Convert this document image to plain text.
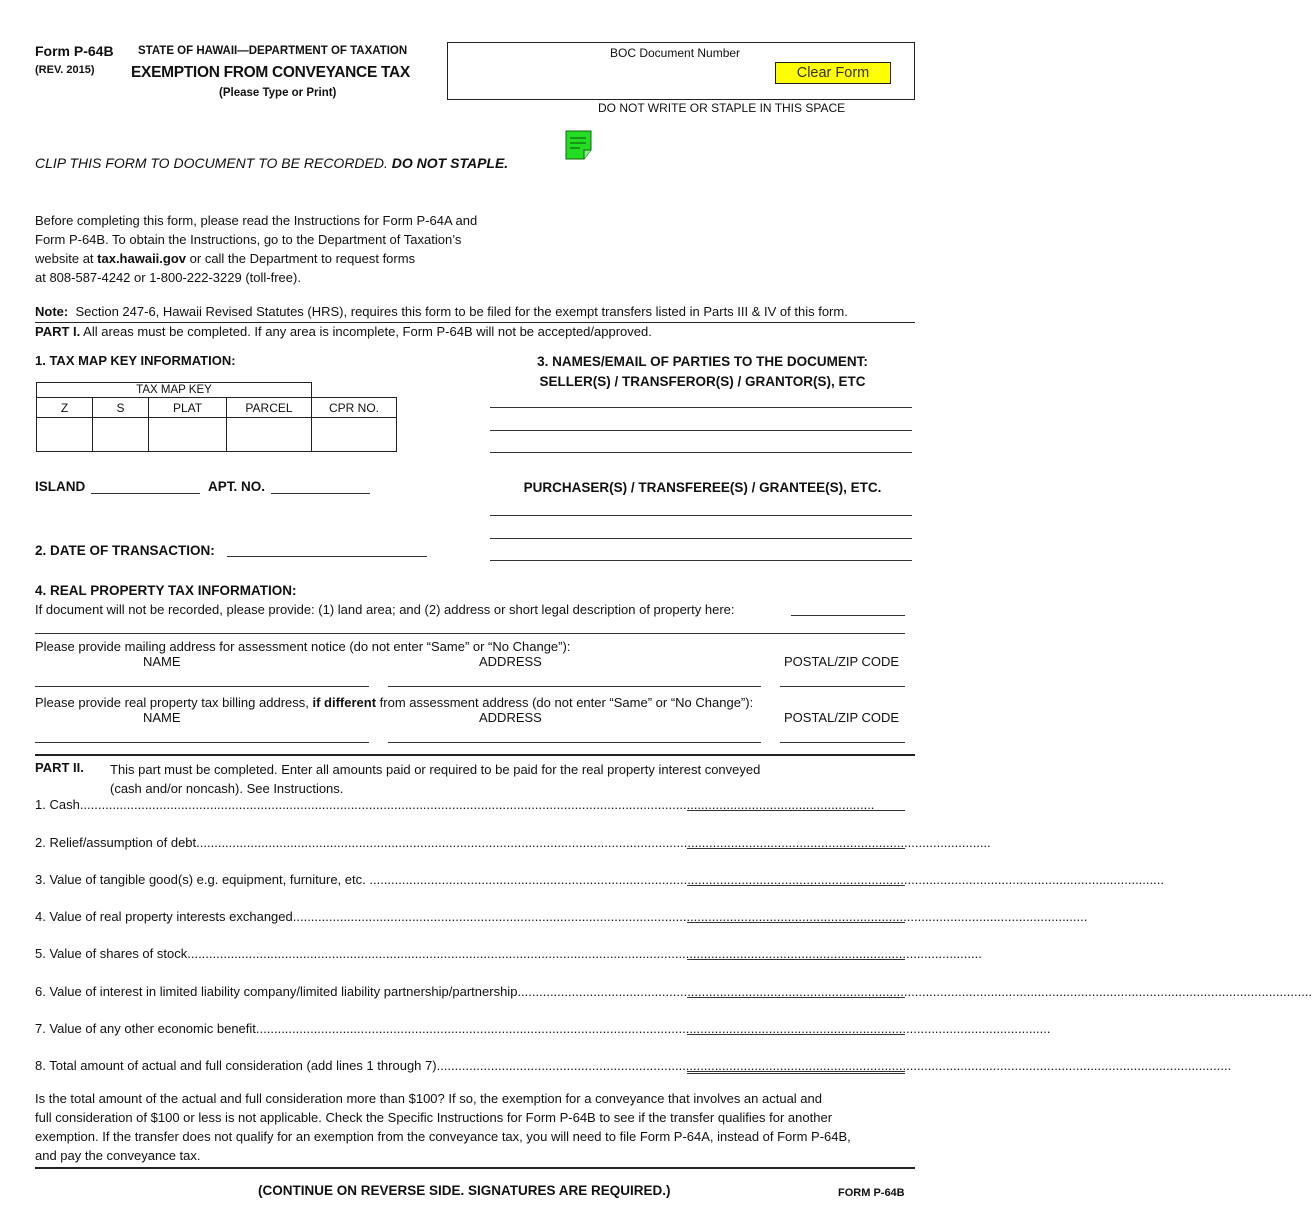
Form P-64B
(REV. 2015)
STATE OF HAWAII—DEPARTMENT OF TAXATION
EXEMPTION FROM CONVEYANCE TAX
(Please Type or Print)
BOC Document Number
Clear Form
DO NOT WRITE OR STAPLE IN THIS SPACE
CLIP THIS FORM TO DOCUMENT TO BE RECORDED. DO NOT STAPLE.
Before completing this form, please read the Instructions for Form P-64A and
Form P-64B. To obtain the Instructions, go to the Department of Taxation’s
website at tax.hawaii.gov or call the Department to request forms
at 808-587-4242 or 1-800-222-3229 (toll-free).
Note: Section 247-6, Hawaii Revised Statutes (HRS), requires this form to be filed for the exempt transfers listed in Parts III & IV of this form.
PART I. All areas must be completed. If any area is incomplete, Form P-64B will not be accepted/approved.
1. TAX MAP KEY INFORMATION:
TAX MAP KEY
Z	S	PLAT	PARCEL	CPR NO.

ISLAND	APT. NO.
2. DATE OF TRANSACTION:
3. NAMES/EMAIL OF PARTIES TO THE DOCUMENT:
SELLER(S) / TRANSFEROR(S) / GRANTOR(S), ETC
PURCHASER(S) / TRANSFEREE(S) / GRANTEE(S), ETC.
4. REAL PROPERTY TAX INFORMATION:
If document will not be recorded, please provide: (1) land area; and (2) address or short legal description of property here:
Please provide mailing address for assessment notice (do not enter “Same” or “No Change”):
NAME	ADDRESS	POSTAL/ZIP CODE
Please provide real property tax billing address, if different from assessment address (do not enter “Same” or “No Change”):
NAME	ADDRESS	POSTAL/ZIP CODE
PART II. This part must be completed. Enter all amounts paid or required to be paid for the real property interest conveyed
(cash and/or noncash). See Instructions.
1. Cash............................................................................................................................................................................................................................
2. Relief/assumption of debt............................................................................................................................................................................................................................
3. Value of tangible good(s) e.g. equipment, furniture, etc. ............................................................................................................................................................................................................................
4. Value of real property interests exchanged............................................................................................................................................................................................................................
5. Value of shares of stock............................................................................................................................................................................................................................
6. Value of interest in limited liability company/limited liability partnership/partnership............................................................................................................................................................................................................................
7. Value of any other economic benefit............................................................................................................................................................................................................................
8. Total amount of actual and full consideration (add lines 1 through 7)............................................................................................................................................................................................................................
Is the total amount of the actual and full consideration more than $100? If so, the exemption for a conveyance that involves an actual and
full consideration of $100 or less is not applicable. Check the Specific Instructions for Form P-64B to see if the transfer qualifies for another
exemption. If the transfer does not qualify for an exemption from the conveyance tax, you will need to file Form P-64A, instead of Form P-64B,
and pay the conveyance tax.
(CONTINUE ON REVERSE SIDE. SIGNATURES ARE REQUIRED.)	FORM P-64B
